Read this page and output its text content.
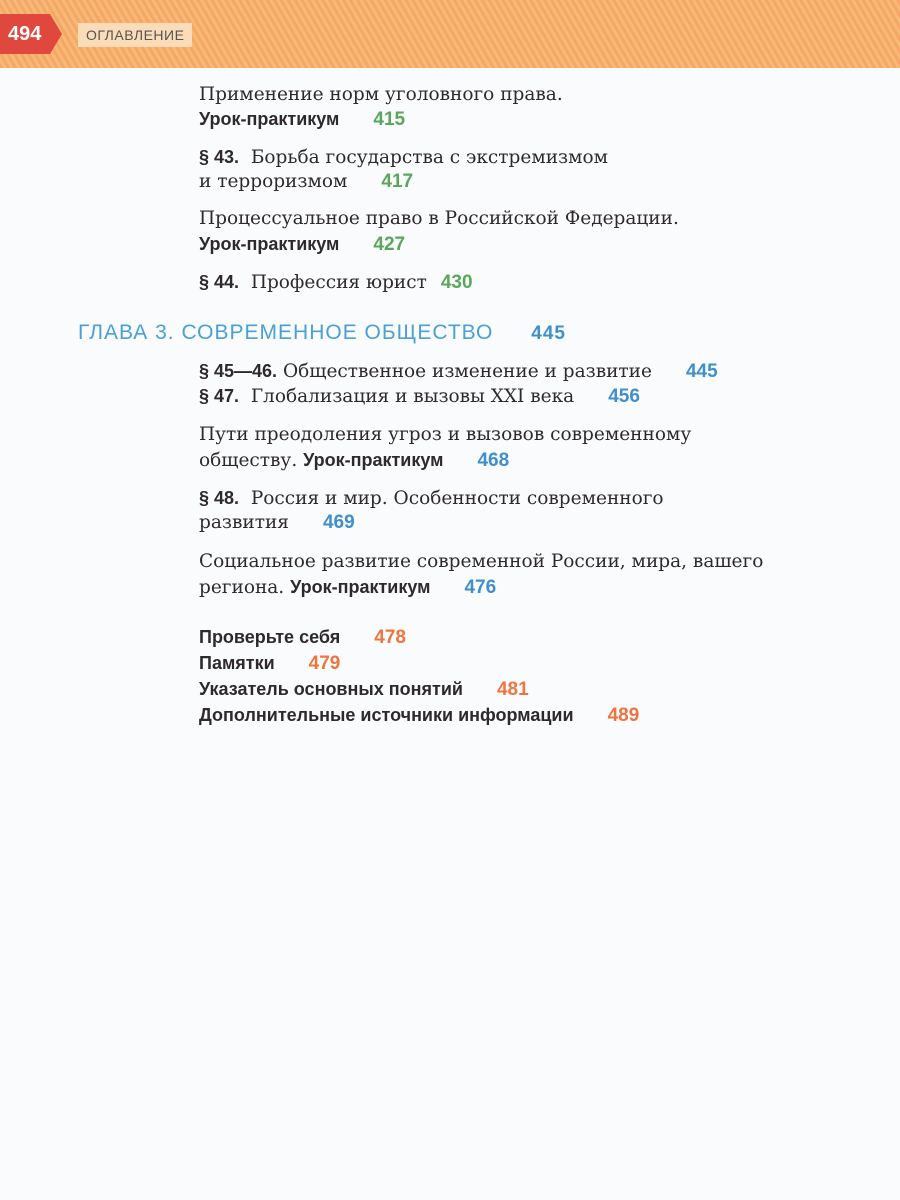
494	ОГЛАВЛЕНИЕ
Применение норм уголовного права.
Урок-практикум 415
§ 43. Борьба государства с экстремизмом
и терроризмом 417
Процессуальное право в Российской Федерации.
Урок-практикум 427
§ 44. Профессия юрист 430
ГЛАВА 3. СОВРЕМЕННОЕ ОБЩЕСТВО 445
§ 45—46. Общественное изменение и развитие 445
§ 47. Глобализация и вызовы XXI века 456
Пути преодоления угроз и вызовов современному
обществу. Урок-практикум 468
§ 48. Россия и мир. Особенности современного
развития 469
Социальное развитие современной России, мира, вашего
региона. Урок-практикум 476
Проверьте себя 478
Памятки 479
Указатель основных понятий 481
Дополнительные источники информации 489
